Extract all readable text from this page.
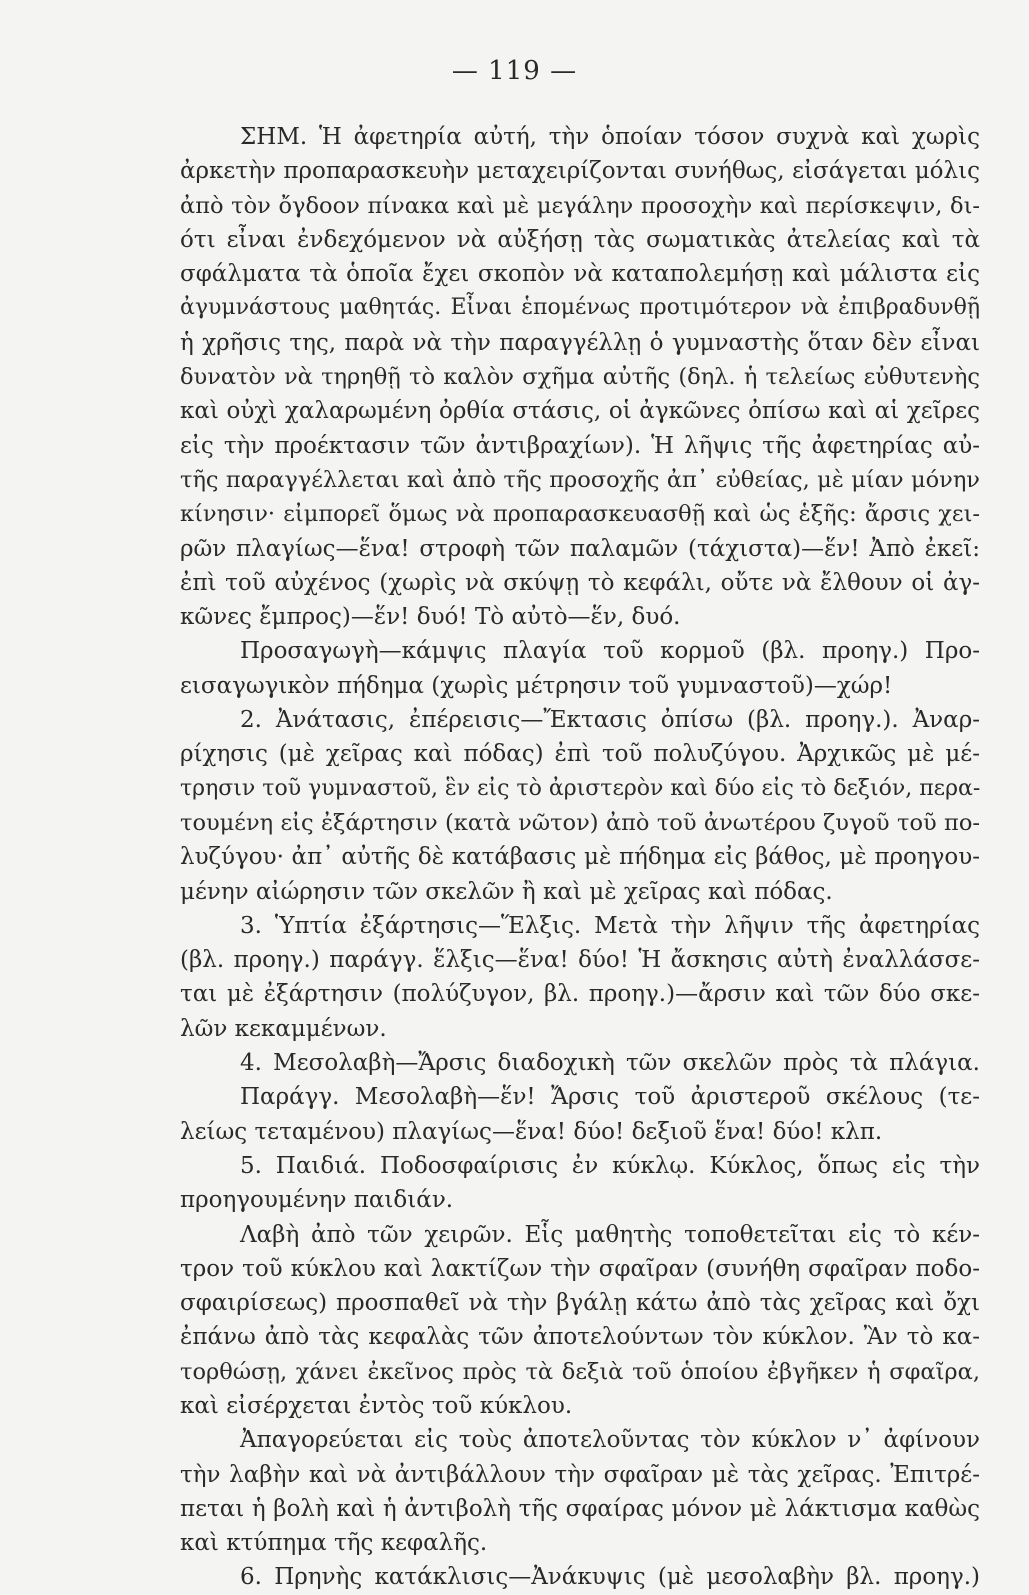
— 119 —
ΣΗΜ. Ἡ ἀφετηρία αὐτή, τὴν ὁποίαν τόσον συχνὰ καὶ χωρὶς
ἀρκετὴν προπαρασκευὴν μεταχειρίζονται συνήθως, εἰσάγεται μόλις
ἀπὸ τὸν ὄγδοον πίνακα καὶ μὲ μεγάλην προσοχὴν καὶ περίσκεψιν, δι-
ότι εἶναι ἐνδεχόμενον νὰ αὐξήσῃ τὰς σωματικὰς ἀτελείας καὶ τὰ
σφάλματα τὰ ὁποῖα ἔχει σκοπὸν νὰ καταπολεμήσῃ καὶ μάλιστα εἰς
ἀγυμνάστους μαθητάς. Εἶναι ἑπομένως προτιμότερον νὰ ἐπιβραδυνθῇ
ἡ χρῆσις της, παρὰ νὰ τὴν παραγγέλλῃ ὁ γυμναστὴς ὅταν δὲν εἶναι
δυνατὸν νὰ τηρηθῇ τὸ καλὸν σχῆμα αὐτῆς (δηλ. ἡ τελείως εὐθυτενὴς
καὶ οὐχὶ χαλαρωμένη ὀρθία στάσις, οἱ ἀγκῶνες ὀπίσω καὶ αἱ χεῖρες
εἰς τὴν προέκτασιν τῶν ἀντιβραχίων). Ἡ λῆψις τῆς ἀφετηρίας αὐ-
τῆς παραγγέλλεται καὶ ἀπὸ τῆς προσοχῆς ἀπ᾽ εὐθείας, μὲ μίαν μόνην
κίνησιν· εἰμπορεῖ ὅμως νὰ προπαρασκευασθῇ καὶ ὡς ἑξῆς: ἄρσις χει-
ρῶν πλαγίως—ἕνα! στροφὴ τῶν παλαμῶν (τάχιστα)—ἕν! Ἀπὸ ἐκεῖ:
ἐπὶ τοῦ αὐχένος (χωρὶς νὰ σκύψῃ τὸ κεφάλι, οὔτε νὰ ἔλθουν οἱ ἀγ-
κῶνες ἔμπρος)—ἕν! δυό! Τὸ αὐτὸ—ἕν, δυό.
Προσαγωγὴ—κάμψις πλαγία τοῦ κορμοῦ (βλ. προηγ.) Προ-
εισαγωγικὸν πήδημα (χωρὶς μέτρησιν τοῦ γυμναστοῦ)—χώρ!
2. Ἀνάτασις, ἐπέρεισις—Ἔκτασις ὀπίσω (βλ. προηγ.). Ἀναρ-
ρίχησις (μὲ χεῖρας καὶ πόδας) ἐπὶ τοῦ πολυζύγου. Ἀρχικῶς μὲ μέ-
τρησιν τοῦ γυμναστοῦ, ἓν εἰς τὸ ἀριστερὸν καὶ δύο εἰς τὸ δεξιόν, περα-
τουμένη εἰς ἐξάρτησιν (κατὰ νῶτον) ἀπὸ τοῦ ἀνωτέρου ζυγοῦ τοῦ πο-
λυζύγου· ἀπ᾽ αὐτῆς δὲ κατάβασις μὲ πήδημα εἰς βάθος, μὲ προηγου-
μένην αἰώρησιν τῶν σκελῶν ἢ καὶ μὲ χεῖρας καὶ πόδας.
3. Ὑπτία ἐξάρτησις—Ἕλξις. Μετὰ τὴν λῆψιν τῆς ἀφετηρίας
(βλ. προηγ.) παράγγ. ἕλξις—ἕνα! δύο! Ἡ ἄσκησις αὐτὴ ἐναλλάσσε-
ται μὲ ἐξάρτησιν (πολύζυγον, βλ. προηγ.)—ἄρσιν καὶ τῶν δύο σκε-
λῶν κεκαμμένων.
4. Μεσολαβὴ—Ἄρσις διαδοχικὴ τῶν σκελῶν πρὸς τὰ πλάγια.
Παράγγ. Μεσολαβὴ—ἕν! Ἄρσις τοῦ ἀριστεροῦ σκέλους (τε-
λείως τεταμένου) πλαγίως—ἕνα! δύο! δεξιοῦ ἕνα! δύο! κλπ.
5. Παιδιά. Ποδοσφαίρισις ἐν κύκλῳ. Κύκλος, ὅπως εἰς τὴν
προηγουμένην παιδιάν.
Λαβὴ ἀπὸ τῶν χειρῶν. Εἷς μαθητὴς τοποθετεῖται εἰς τὸ κέν-
τρον τοῦ κύκλου καὶ λακτίζων τὴν σφαῖραν (συνήθη σφαῖραν ποδο-
σφαιρίσεως) προσπαθεῖ νὰ τὴν βγάλῃ κάτω ἀπὸ τὰς χεῖρας καὶ ὄχι
ἐπάνω ἀπὸ τὰς κεφαλὰς τῶν ἀποτελούντων τὸν κύκλον. Ἂν τὸ κα-
τορθώσῃ, χάνει ἐκεῖνος πρὸς τὰ δεξιὰ τοῦ ὁποίου ἐβγῆκεν ἡ σφαῖρα,
καὶ εἰσέρχεται ἐντὸς τοῦ κύκλου.
Ἀπαγορεύεται εἰς τοὺς ἀποτελοῦντας τὸν κύκλον ν᾽ ἀφίνουν
τὴν λαβὴν καὶ νὰ ἀντιβάλλουν τὴν σφαῖραν μὲ τὰς χεῖρας. Ἐπιτρέ-
πεται ἡ βολὴ καὶ ἡ ἀντιβολὴ τῆς σφαίρας μόνον μὲ λάκτισμα καθὼς
καὶ κτύπημα τῆς κεφαλῆς.
6. Πρηνὴς κατάκλισις—Ἀνάκυψις (μὲ μεσολαβὴν βλ. προηγ.)
